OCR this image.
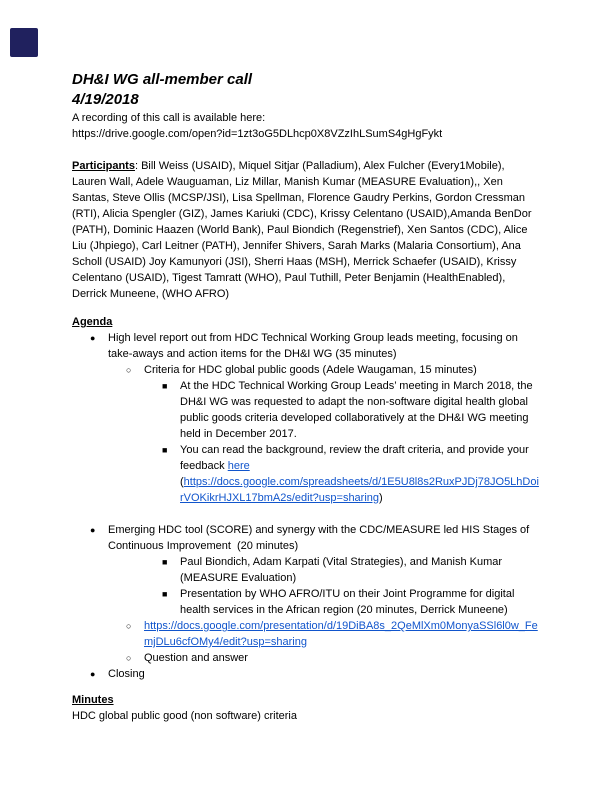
DH&I WG all-member call

4/19/2018

A recording of this call is available here:

https://drive.google.com/open?id=1zt3oG5DLhcp0X8VZzIhLSumS4gHgFykt

Participants: Bill Weiss (USAID), Miquel Sitjar (Palladium), Alex Fulcher (Every1Mobile), Lauren Wall, Adele Wauguaman, Liz Millar, Manish Kumar (MEASURE Evaluation),, Xen Santas, Steve Ollis (MCSP/JSI), Lisa Spellman, Florence Gaudry Perkins, Gordon Cressman (RTI), Alicia Spengler (GIZ), James Kariuki (CDC), Krissy Celentano (USAID),Amanda BenDor (PATH), Dominic Haazen (World Bank), Paul Biondich (Regenstrief), Xen Santos (CDC), Alice Liu (Jhpiego), Carl Leitner (PATH), Jennifer Shivers, Sarah Marks (Malaria Consortium), Ana Scholl (USAID) Joy Kamunyori (JSI), Sherri Haas (MSH), Merrick Schaefer (USAID), Krissy Celentano (USAID), Tigest Tamratt (WHO), Paul Tuthill, Peter Benjamin (HealthEnabled), Derrick Muneene, (WHO AFRO)

Agenda

●	High level report out from HDC Technical Working Group leads meeting, focusing on take-aways and action items for the DH&I WG (35 minutes)
○	Criteria for HDC global public goods (Adele Waugaman, 15 minutes)
■	At the HDC Technical Working Group Leads’ meeting in March 2018, the DH&I WG was requested to adapt the non-software digital health global public goods criteria developed collaboratively at the DH&I WG meeting held in December 2017.
■	You can read the background, review the draft criteria, and provide your feedback here
(https://docs.google.com/spreadsheets/d/1E5U8l8s2RuxPJDj78JO5LhDoirVOKikrHJXL17bmA2s/edit?usp=sharing)
●	Emerging HDC tool (SCORE) and synergy with the CDC/MEASURE led HIS Stages of Continuous Improvement  (20 minutes)
■	Paul Biondich, Adam Karpati (Vital Strategies), and Manish Kumar (MEASURE Evaluation)
■	Presentation by WHO AFRO/ITU on their Joint Programme for digital health services in the African region (20 minutes, Derrick Muneene)
○	https://docs.google.com/presentation/d/19DiBA8s_2QeMlXm0MonyaSSl6l0w_FemjDLu6cfOMy4/edit?usp=sharing
○	Question and answer
●	Closing

Minutes

HDC global public good (non software) criteria
